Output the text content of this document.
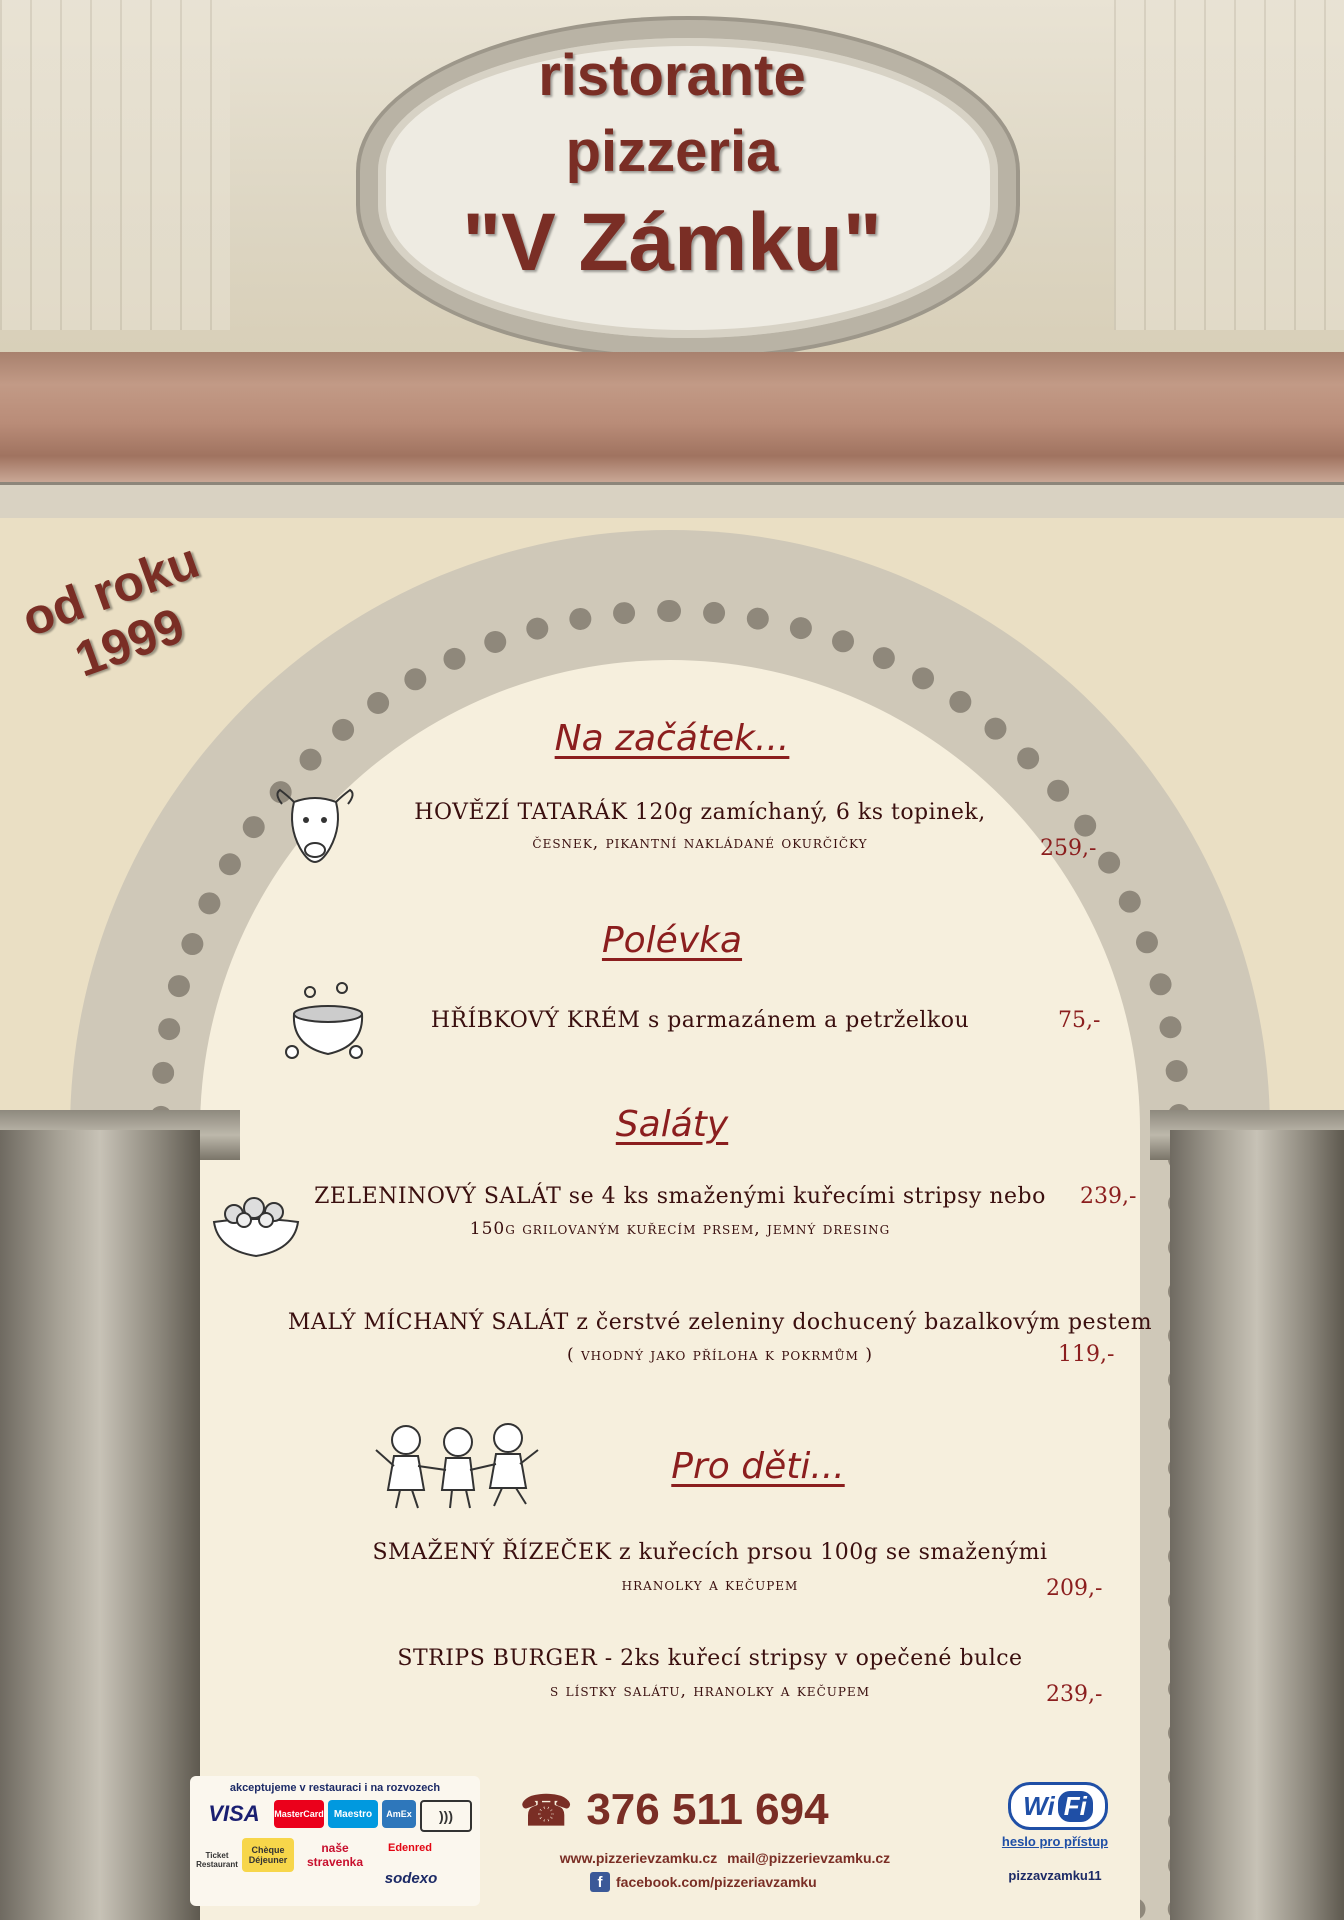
ristorante
pizzeria
"V Zámku"
od roku
1999
Na začátek...
HOVĚZÍ TATARÁK 120g zamíchaný, 6 ks topinek,
česnek, pikantní nakládané okurčičky	259,-
Polévka
HŘÍBKOVÝ KRÉM s parmazánem a petrželkou	75,-
Saláty
ZELENINOVÝ SALÁT se 4 ks smaženými kuřecími stripsy nebo
150g grilovaným kuřecím prsem, jemný dresing
239,-
MALÝ MÍCHANÝ SALÁT z čerstvé zeleniny dochucený bazalkovým pestem
( vhodný jako příloha k pokrmům )	119,-
Pro děti...
SMAŽENÝ ŘÍZEČEK z kuřecích prsou 100g se smaženými
hranolky a kečupem	209,-
STRIPS BURGER - 2ks kuřecí stripsy v opečené bulce
s lístky salátu, hranolky a kečupem	239,-
akceptujeme v restauraci i na rozvozech
VISA	MasterCard	Maestro	AmEx	)))
Chèque Déjeuner
naše stravenka
Edenred
Ticket Restaurant
sodexo
☎ 376 511 694
www.pizzerievzamku.cz mail@pizzerievzamku.cz
f facebook.com/pizzeriavzamku
Wi Fi
heslo pro přístup
pizzavzamku11
